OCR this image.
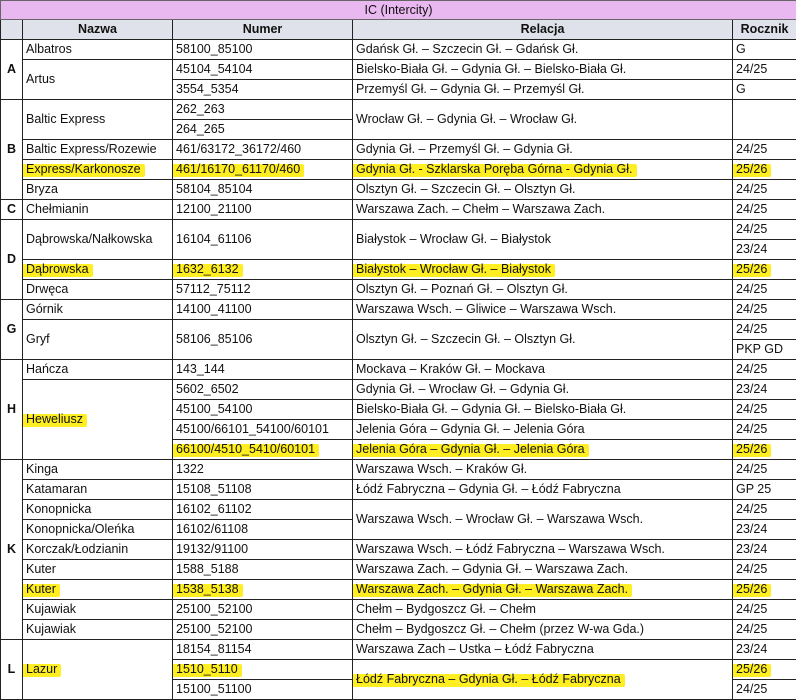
IC (Intercity)				
	Nazwa	Numer	Relacja	Rocznik
A	Albatros	58100_85100	Gdańsk Gł. – Szczecin Gł. – Gdańsk Gł.	G
	Artus	45104_54104	Bielsko-Biała Gł. – Gdynia Gł. – Bielsko-Biała Gł.	24/25
		3554_5354	Przemyśl Gł. – Gdynia Gł. – Przemyśl Gł.	G
B	Baltic Express	262_263	Wrocław Gł. – Gdynia Gł. – Wrocław Gł.	
		264_265		
	Baltic Express/Rozewie	461/63172_36172/460	Gdynia Gł. – Przemyśl Gł. – Gdynia Gł.	24/25
	Express/Karkonosze	461/16170_61170/460	Gdynia Gł. - Szklarska Poręba Górna - Gdynia Gł.	25/26
	Bryza	58104_85104	Olsztyn Gł. – Szczecin Gł. – Olsztyn Gł.	24/25
C	Chełmianin	12100_21100	Warszawa Zach. – Chełm – Warszawa Zach.	24/25
D	Dąbrowska/Nałkowska	16104_61106	Białystok – Wrocław Gł. – Białystok	24/25
				23/24
	Dąbrowska	1632_6132	Białystok – Wrocław Gł. – Białystok	25/26
	Drwęca	57112_75112	Olsztyn Gł. – Poznań Gł. – Olsztyn Gł.	24/25
G	Górnik	14100_41100	Warszawa Wsch. – Gliwice – Warszawa Wsch.	24/25
	Gryf	58106_85106	Olsztyn Gł. – Szczecin Gł. – Olsztyn Gł.	24/25
				PKP GD
H	Hańcza	143_144	Mockava – Kraków Gł. – Mockava	24/25
	Heweliusz	5602_6502	Gdynia Gł. – Wrocław Gł. – Gdynia Gł.	23/24
		45100_54100	Bielsko-Biała Gł. – Gdynia Gł. – Bielsko-Biała Gł.	24/25
		45100/66101_54100/60101	Jelenia Góra – Gdynia Gł. – Jelenia Góra	24/25
		66100/4510_5410/60101	Jelenia Góra – Gdynia Gł. – Jelenia Góra	25/26
K	Kinga	1322	Warszawa Wsch. – Kraków Gł.	24/25
	Katamaran	15108_51108	Łódź Fabryczna – Gdynia Gł. – Łódź Fabryczna	GP 25
	Konopnicka	16102_61102	Warszawa Wsch. – Wrocław Gł. – Warszawa Wsch.	24/25
	Konopnicka/Oleńka	16102/61108		23/24
	Korczak/Łodzianin	19132/91100	Warszawa Wsch. – Łódź Fabryczna – Warszawa Wsch.	23/24
	Kuter	1588_5188	Warszawa Zach. – Gdynia Gł. – Warszawa Zach.	24/25
	Kuter	1538_5138	Warszawa Zach. – Gdynia Gł. – Warszawa Zach.	25/26
	Kujawiak	25100_52100	Chełm – Bydgoszcz Gł. – Chełm	24/25
	Kujawiak	25100_52100	Chełm – Bydgoszcz Gł. – Chełm (przez W-wa Gda.)	24/25
L	Lazur	18154_81154	Warszawa Zach – Ustka – Łódź Fabryczna	23/24
		1510_5110	Łódź Fabryczna – Gdynia Gł. – Łódź Fabryczna	25/26
		15100_51100		24/25
